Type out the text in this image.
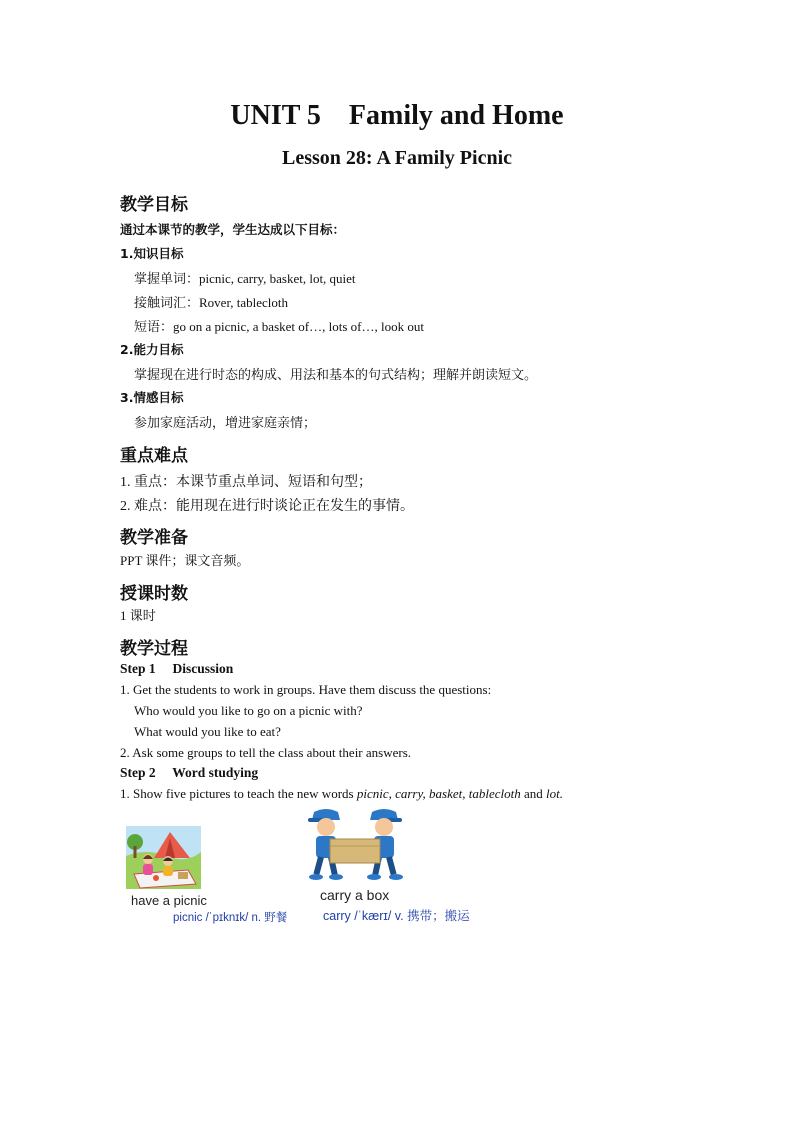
UNIT 5    Family and Home
Lesson 28: A Family Picnic
教学目标
通过本课节的教学，学生达成以下目标：
1.知识目标
掌握单词：picnic, carry, basket, lot, quiet
接触词汇：Rover, tablecloth
短语：go on a picnic, a basket of…, lots of…, look out
2.能力目标
掌握现在进行时态的构成、用法和基本的句式结构；理解并朗读短文。
3.情感目标
参加家庭活动，增进家庭亲情；
重点难点
1. 重点：本课节重点单词、短语和句型；
2. 难点：能用现在进行时谈论正在发生的事情。
教学准备
PPT 课件；课文音频。
授课时数
1 课时
教学过程
Step 1     Discussion
1. Get the students to work in groups. Have them discuss the questions:
Who would you like to go on a picnic with?
What would you like to eat?
2. Ask some groups to tell the class about their answers.
Step 2     Word studying
1. Show five pictures to teach the new words picnic, carry, basket, tablecloth and lot.
have a picnic
picnic /ˈpɪknɪk/ n. 野餐
carry a box
carry /ˈkærɪ/ v. 携带；搬运
